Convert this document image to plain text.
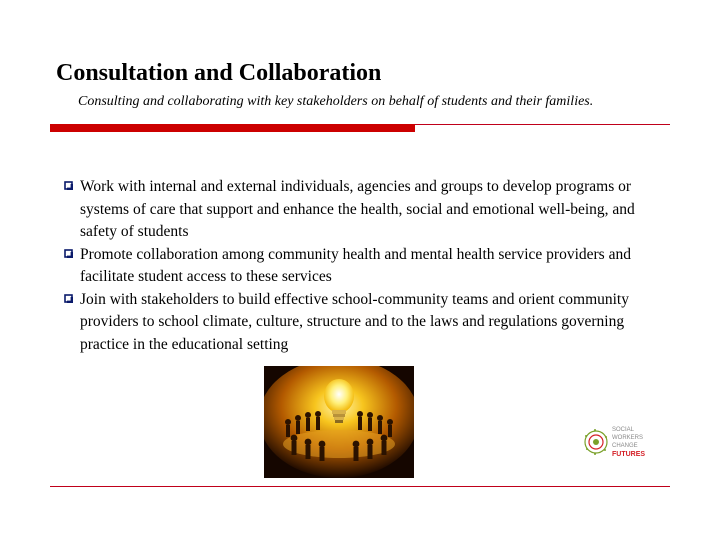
Consultation and Collaboration
Consulting and collaborating with key stakeholders on behalf of students and their families.
Work with internal and external individuals, agencies and groups to develop programs or systems of care that support and enhance the health, social and emotional well-being, and safety of students
Promote collaboration among community health and mental health service providers and facilitate student access to these services
Join with stakeholders to build effective school-community teams and orient community providers to school climate, culture, structure and to the laws and regulations governing practice in the educational setting
SOCIAL
WORKERS
CHANGE
FUTURES
